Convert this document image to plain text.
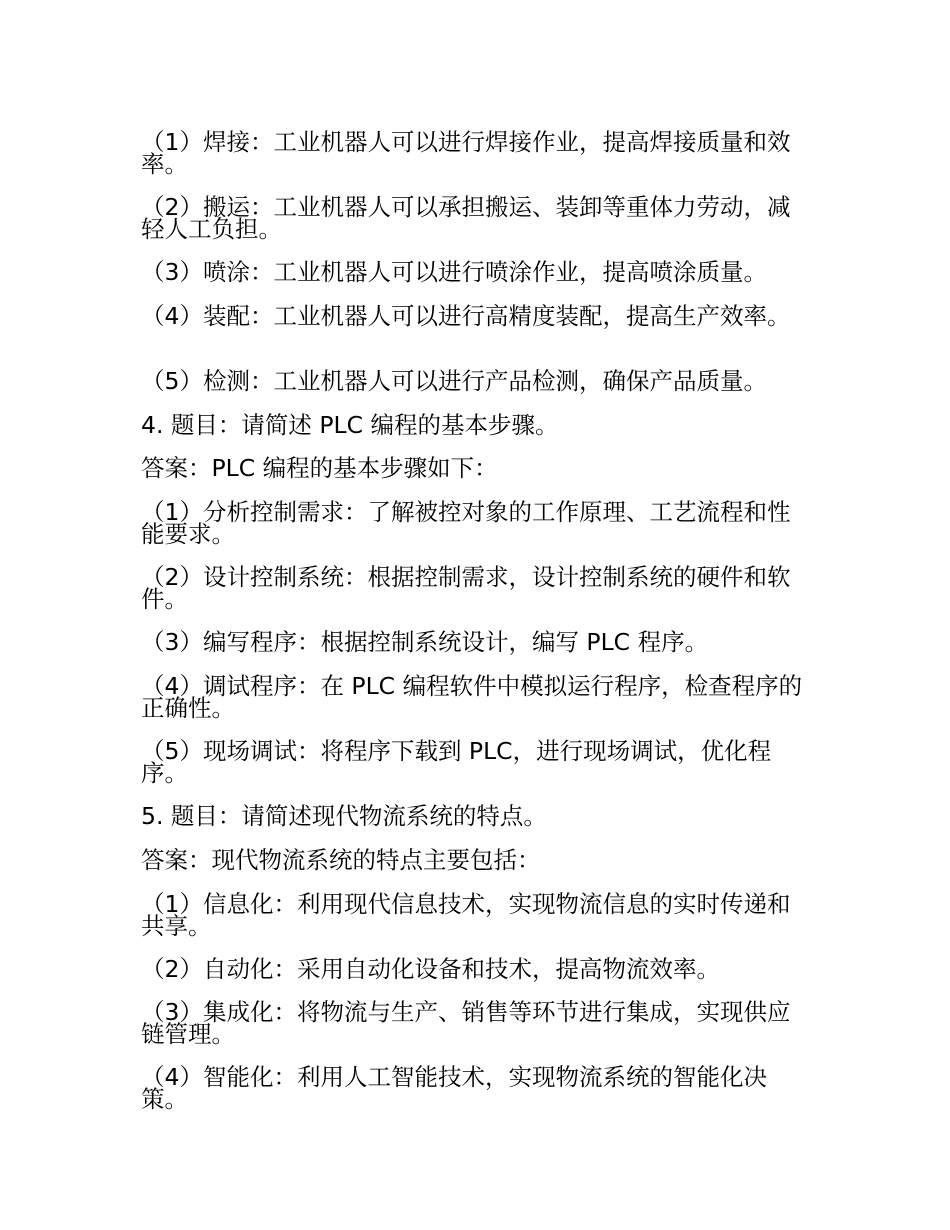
（1）焊接：工业机器人可以进行焊接作业，提高焊接质量和效率。

（2）搬运：工业机器人可以承担搬运、装卸等重体力劳动，减轻人工负担。

（3）喷涂：工业机器人可以进行喷涂作业，提高喷涂质量。

（4）装配：工业机器人可以进行高精度装配，提高生产效率。

（5）检测：工业机器人可以进行产品检测，确保产品质量。

4. 题目：请简述 PLC 编程的基本步骤。

答案：PLC 编程的基本步骤如下：

（1）分析控制需求：了解被控对象的工作原理、工艺流程和性能要求。

（2）设计控制系统：根据控制需求，设计控制系统的硬件和软件。

（3）编写程序：根据控制系统设计，编写 PLC 程序。

（4）调试程序：在 PLC 编程软件中模拟运行程序，检查程序的正确性。

（5）现场调试：将程序下载到 PLC，进行现场调试，优化程序。

5. 题目：请简述现代物流系统的特点。

答案：现代物流系统的特点主要包括：

（1）信息化：利用现代信息技术，实现物流信息的实时传递和共享。

（2）自动化：采用自动化设备和技术，提高物流效率。

（3）集成化：将物流与生产、销售等环节进行集成，实现供应链管理。

（4）智能化：利用人工智能技术，实现物流系统的智能化决策。
